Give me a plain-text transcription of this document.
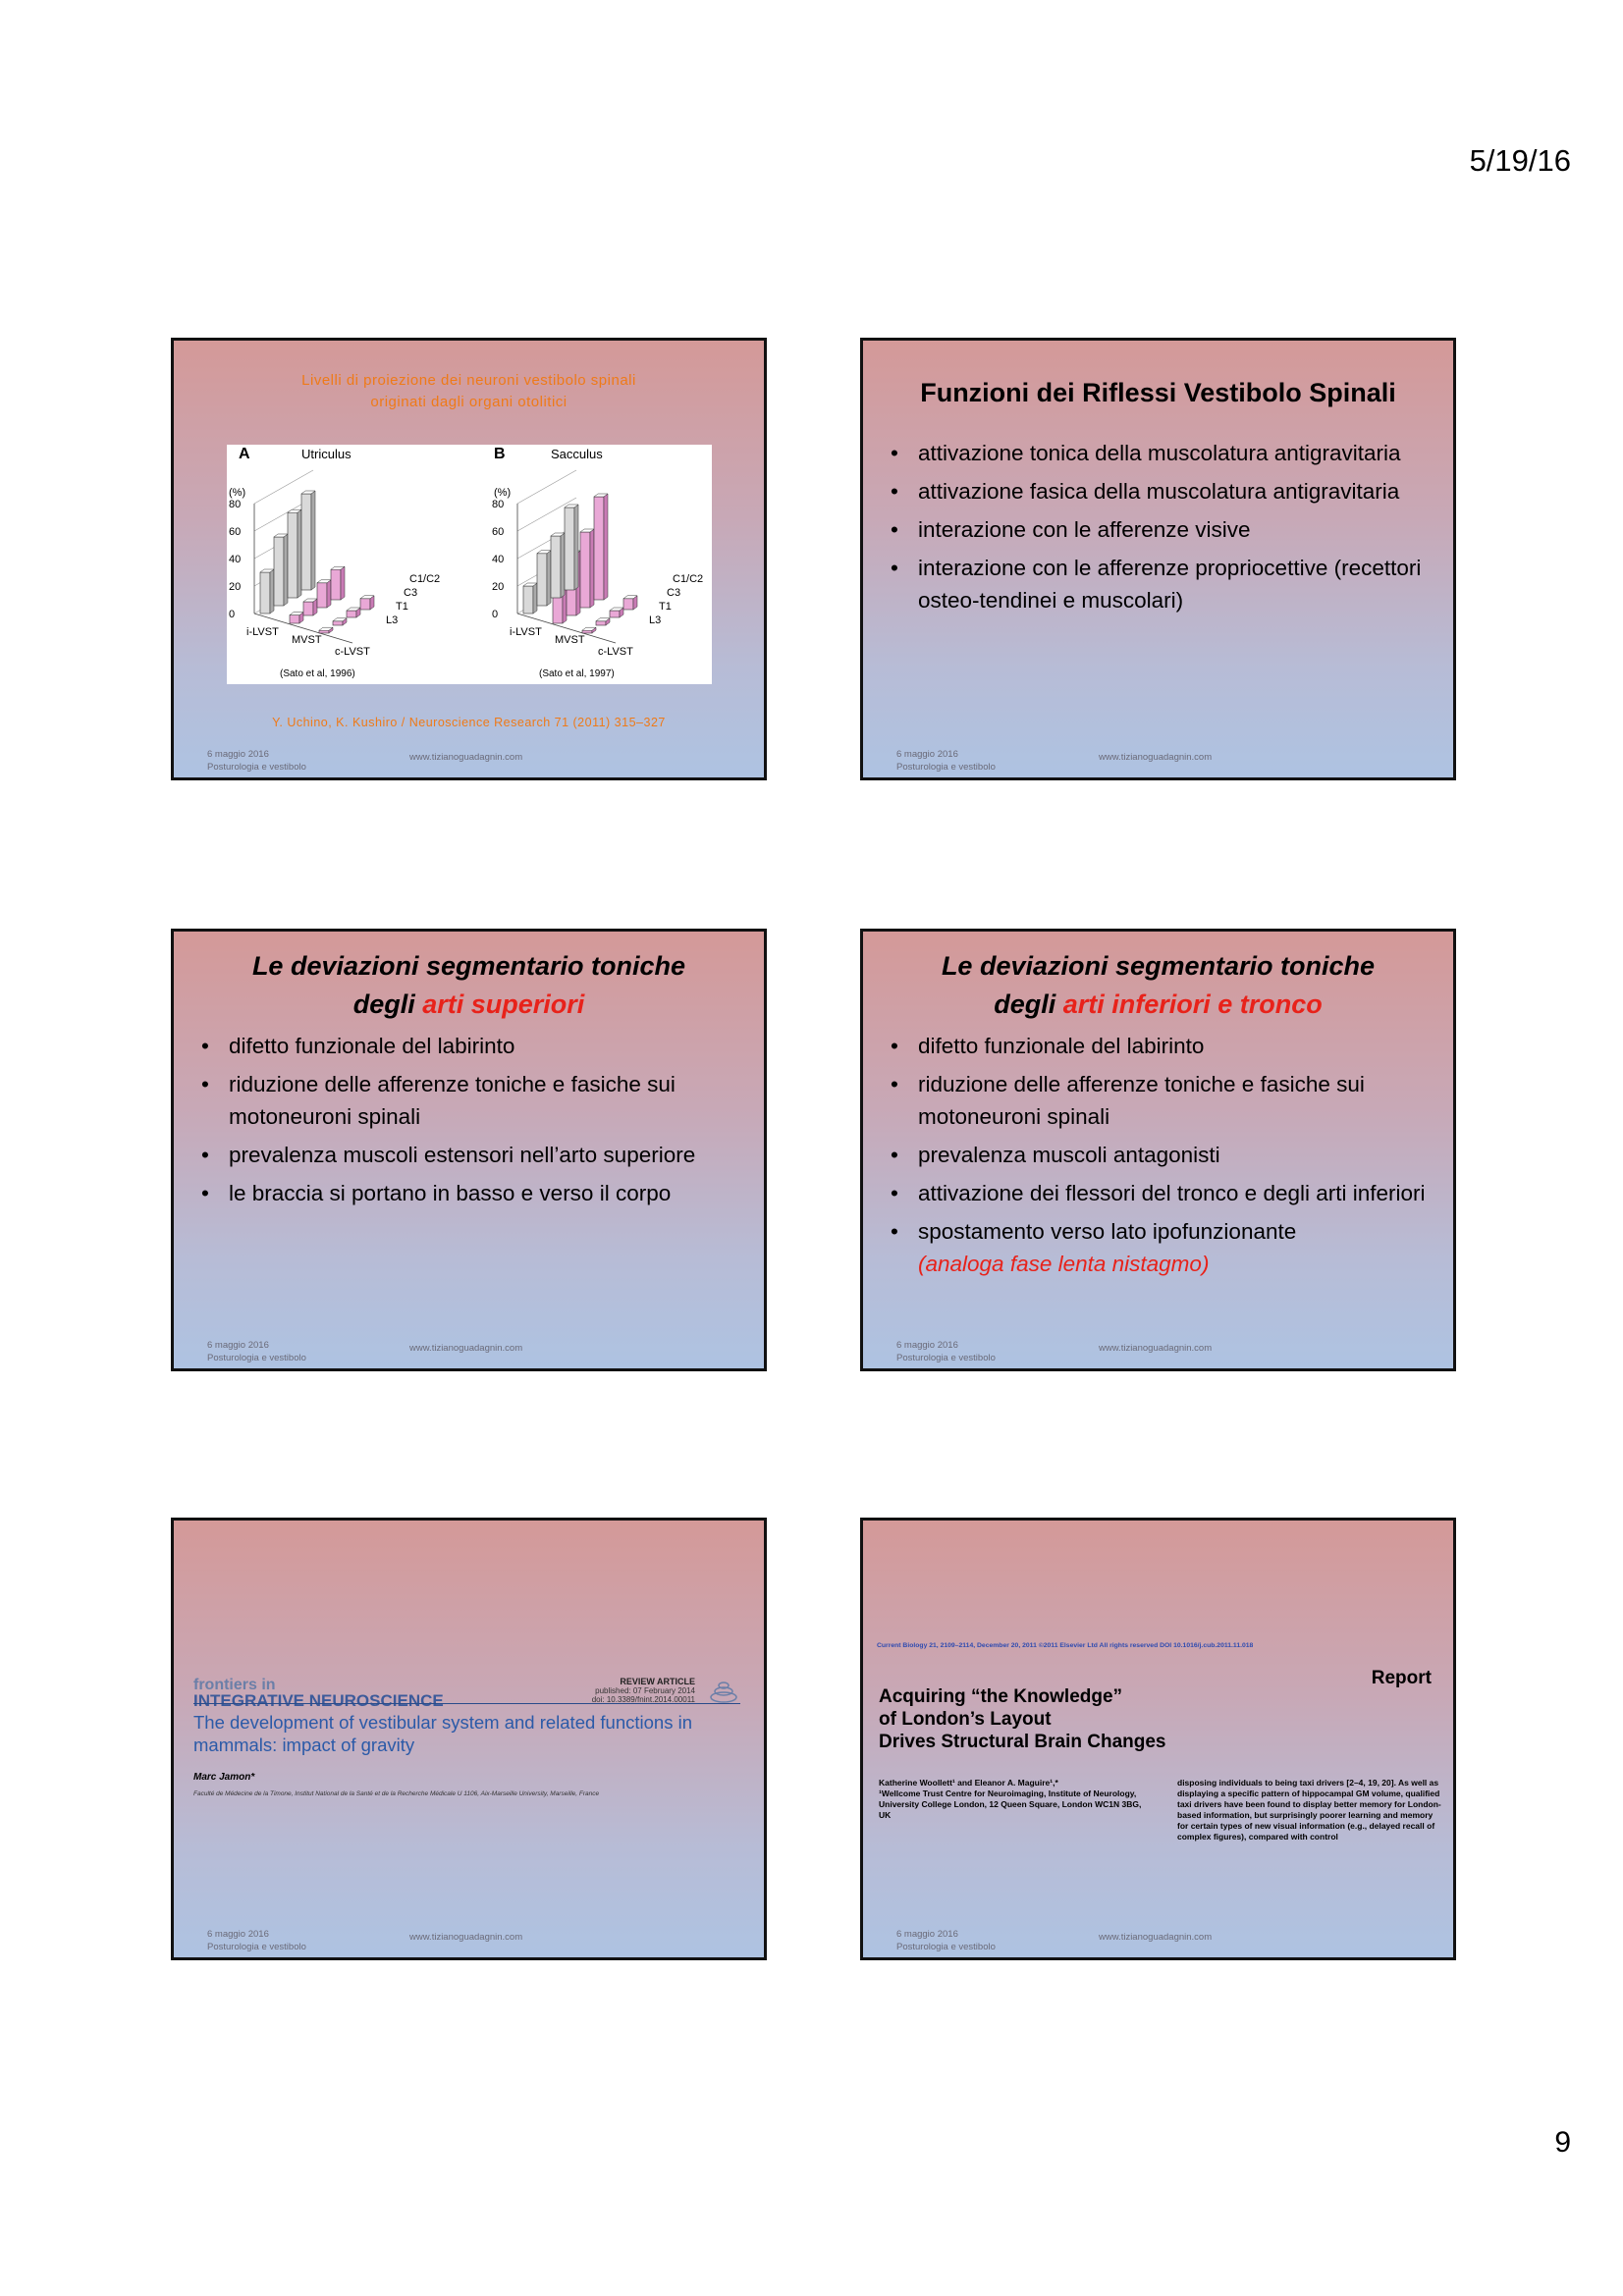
5/19/16
Livelli di proiezione dei neuroni vestibolo spinali
originati dagli organi otolitici
A	Utriculus
(%)
(Sato et al, 1996)
80
60
40
20
0
i-LVST
MVST
c-LVST
C1/C2
C3
T1
L3
B	Sacculus
(%)
(Sato et al, 1997)
80
60
40
20
0
i-LVST
MVST
c-LVST
C1/C2
C3
T1
L3
Y. Uchino, K. Kushiro / Neuroscience Research 71 (2011) 315–327
6 maggio 2016
Posturologia e vestibolo
www.tizianoguadagnin.com
Funzioni dei Riflessi Vestibolo Spinali
• attivazione tonica della muscolatura antigravitaria
• attivazione fasica della muscolatura antigravitaria
• interazione con le afferenze visive
• interazione con le afferenze propriocettive (recettori osteo-tendinei e muscolari)
6 maggio 2016
Posturologia e vestibolo
www.tizianoguadagnin.com
Le deviazioni segmentario toniche
degli arti superiori
• difetto funzionale del labirinto
• riduzione delle afferenze toniche e fasiche sui motoneuroni spinali
• prevalenza muscoli estensori nell’arto superiore
• le braccia si portano in basso e verso il corpo
6 maggio 2016
Posturologia e vestibolo
www.tizianoguadagnin.com
Le deviazioni segmentario toniche
degli arti inferiori e tronco
• difetto funzionale del labirinto
• riduzione delle afferenze toniche e fasiche sui motoneuroni spinali
• prevalenza muscoli antagonisti
• attivazione dei flessori del tronco e degli arti inferiori
• spostamento verso lato ipofunzionante
(analoga fase lenta nistagmo)
6 maggio 2016
Posturologia e vestibolo
www.tizianoguadagnin.com
frontiers in
INTEGRATIVE NEUROSCIENCE
REVIEW ARTICLE
published: 07 February 2014
doi: 10.3389/fnint.2014.00011
The development of vestibular system and related functions in mammals: impact of gravity
Marc Jamon*
Faculté de Médecine de la Timone, Institut National de la Santé et de la Recherche Médicale U 1106, Aix-Marseille University, Marseille, France
6 maggio 2016
Posturologia e vestibolo
www.tizianoguadagnin.com
Current Biology 21, 2109–2114, December 20, 2011 ©2011 Elsevier Ltd All rights reserved DOI 10.1016/j.cub.2011.11.018
Report
Acquiring “the Knowledge”
of London’s Layout
Drives Structural Brain Changes
Katherine Woollett¹ and Eleanor A. Maguire¹,*
¹Wellcome Trust Centre for Neuroimaging, Institute of Neurology, University College London, 12 Queen Square, London WC1N 3BG, UK
disposing individuals to being taxi drivers [2–4, 19, 20]. As well as displaying a specific pattern of hippocampal GM volume, qualified taxi drivers have been found to display better memory for London-based information, but surprisingly poorer learning and memory for certain types of new visual information (e.g., delayed recall of complex figures), compared with control
6 maggio 2016
Posturologia e vestibolo
www.tizianoguadagnin.com
9
